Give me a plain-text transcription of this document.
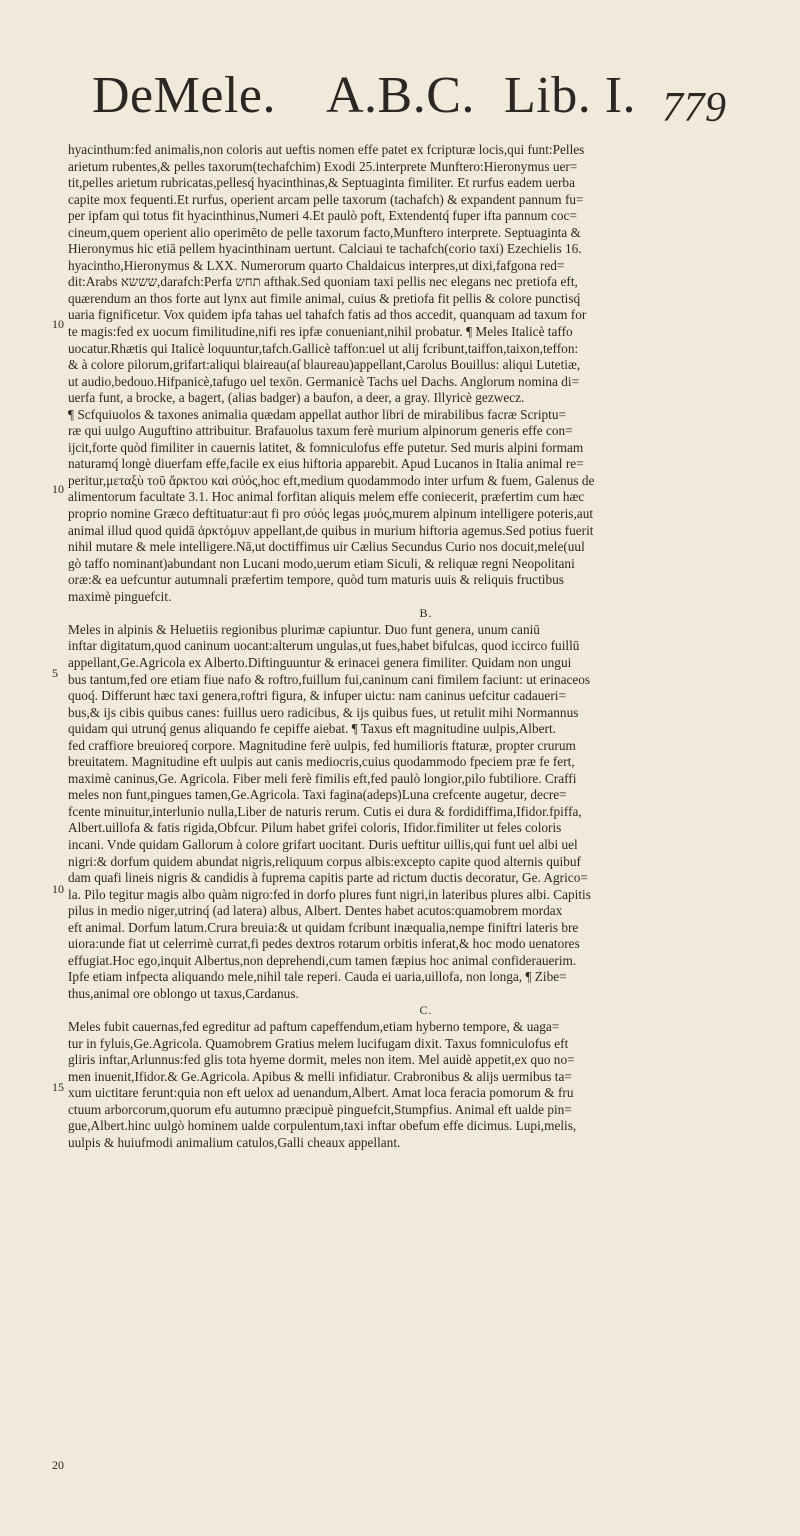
DeMele. A.B.C. Lib. I. 779
10
10
5
10
15
20
hyacinthum:fed animalis,non coloris aut ueftis nomen effe patet ex fcripturæ locis,qui funt:Pelles
arietum rubentes,& pelles taxorum(techafchim) Exodi 25.interprete Munftero:Hieronymus uer=
tit,pelles arietum rubricatas,pellesq́ hyacinthinas,& Septuaginta fimiliter. Et rurfus eadem uerba
capite mox fequenti.Et rurfus, operient arcam pelle taxorum (tachafch) & expandent pannum fu=
per ipfam qui totus fit hyacinthinus,Numeri 4.Et paulò poft, Extendentq́ fuper ifta pannum coc=
cineum,quem operient alio operimēto de pelle taxorum facto,Munftero interprete. Septuaginta &
Hieronymus hic etiā pellem hyacinthinam uertunt. Calciaui te tachafch(corio taxi) Ezechielis 16.
hyacintho,Hieronymus & LXX. Numerorum quarto Chaldaicus interpres,ut dixi,fafgona red=
dit:Arabs שששא,darafch:Perfa תחש afthak.Sed quoniam taxi pellis nec elegans nec pretiofa eft,
quærendum an thos forte aut lynx aut fimile animal, cuius & pretiofa fit pellis & colore punctisq́
uaria fignificetur. Vox quidem ipfa tahas uel tahafch fatis ad thos accedit, quanquam ad taxum for
te magis:fed ex uocum fimilitudine,nifi res ipfæ conueniant,nihil probatur. ¶ Meles Italicè taffo
uocatur.Rhætis qui Italicè loquuntur,tafch.Gallicè taffon:uel ut alij fcribunt,taiffon,taixon,teffon:
& à colore pilorum,grifart:aliqui blaireau(aſ blaureau)appellant,Carolus Bouillus: aliqui Lutetiæ,
ut audio,bedouo.Hifpanicè,tafugo uel texōn. Germanicè Tachs uel Dachs. Anglorum nomina di=
uerfa funt, a brocke, a bagert, (alias badger) a baufon, a deer, a gray. Illyricè gezwecz.
¶ Scfquiuolos & taxones animalia quædam appellat author libri de mirabilibus facræ Scriptu=
ræ qui uulgo Auguftino attribuitur. Brafauolus taxum ferè murium alpinorum generis effe con=
ijcit,forte quòd fimiliter in cauernis latitet, & fomniculofus effe putetur. Sed muris alpini formam
naturamq́ longè diuerfam effe,facile ex eius hiftoria apparebit. Apud Lucanos in Italia animal re=
peritur,μεταξὺ τοῦ ἄρκτου καὶ σύός,hoc eft,medium quodammodo inter urfum & fuem, Galenus de
alimentorum facultate 3.1. Hoc animal forfitan aliquis melem effe coniecerit, præfertim cum hæc
proprio nomine Græco deftituatur:aut fi pro σύός legas μυός,murem alpinum intelligere poteris,aut
animal illud quod quidā ἀρκτόμυν appellant,de quibus in murium hiftoria agemus.Sed potius fuerit
nihil mutare & mele intelligere.Nā,ut doctiffimus uir Cælius Secundus Curio nos docuit,mele(uul
gò taffo nominant)abundant non Lucani modo,uerum etiam Siculi, & reliquæ regni Neopolitani
oræ:& ea uefcuntur autumnali præfertim tempore, quòd tum maturis uuis & reliquis fructibus
maximè pinguefcit.
B.
Meles in alpinis & Heluetiis regionibus plurimæ capiuntur. Duo funt genera, unum caniū
inftar digitatum,quod caninum uocant:alterum ungulas,ut fues,habet bifulcas, quod iccirco fuillū
appellant,Ge.Agricola ex Alberto.Diftinguuntur & erinacei genera fimiliter. Quidam non ungui
bus tantum,fed ore etiam fiue nafo & roftro,fuillum fui,caninum cani fimilem faciunt: ut erinaceos
quoq́. Differunt hæc taxi genera,roftri figura, & infuper uictu: nam caninus uefcitur cadaueri=
bus,& ijs cibis quibus canes: fuillus uero radicibus, & ijs quibus fues, ut retulit mihi Normannus
quidam qui utrunq́ genus aliquando fe cepiffe aiebat. ¶ Taxus eft magnitudine uulpis,Albert.
fed craffiore breuioreq́ corpore. Magnitudine ferè uulpis, fed humilioris ftaturæ, propter crurum
breuitatem. Magnitudine eft uulpis aut canis mediocris,cuius quodammodo fpeciem præ fe fert,
maximè caninus,Ge. Agricola. Fiber meli ferè fimilis eft,fed paulò longior,pilo fubtiliore. Craffi
meles non funt,pingues tamen,Ge.Agricola. Taxi fagina(adeps)Luna crefcente augetur, decre=
fcente minuitur,interlunio nulla,Liber de naturis rerum. Cutis ei dura & fordidiffima,Ifidor.fpiffa,
Albert.uillofa & fatis rigida,Obfcur. Pilum habet grifei coloris, Ifidor.fimiliter ut feles coloris
incani. Vnde quidam Gallorum à colore grifart uocitant. Duris ueftitur uillis,qui funt uel albi uel
nigri:& dorfum quidem abundat nigris,reliquum corpus albis:excepto capite quod alternis quibuf
dam quafi lineis nigris & candidis à fuprema capitis parte ad rictum ductis decoratur, Ge. Agrico=
la. Pilo tegitur magis albo quàm nigro:fed in dorfo plures funt nigri,in lateribus plures albi. Capitis
pilus in medio niger,utrinq́ (ad latera) albus, Albert. Dentes habet acutos:quamobrem mordax
eft animal. Dorfum latum.Crura breuia:& ut quidam fcribunt inæqualia,nempe finiftri lateris bre
uiora:unde fiat ut celerrimè currat,fi pedes dextros rotarum orbitis inferat,& hoc modo uenatores
effugiat.Hoc ego,inquit Albertus,non deprehendi,cum tamen fæpius hoc animal confiderauerim.
Ipfe etiam infpecta aliquando mele,nihil tale reperi. Cauda ei uaria,uillofa, non longa, ¶ Zibe=
thus,animal ore oblongo ut taxus,Cardanus.
C.
Meles fubit cauernas,fed egreditur ad paftum capeffendum,etiam hyberno tempore, & uaga=
tur in fyluis,Ge.Agricola. Quamobrem Gratius melem lucifugam dixit. Taxus fomniculofus eft
gliris inftar,Arlunnus:fed glis tota hyeme dormit, meles non item. Mel auidè appetit,ex quo no=
men inuenit,Ifidor.& Ge.Agricola. Apibus & melli infidiatur. Crabronibus & alijs uermibus ta=
xum uictitare ferunt:quia non eft uelox ad uenandum,Albert. Amat loca feracia pomorum & fru
ctuum arborcorum,quorum efu autumno præcipuè pinguefcit,Stumpfius. Animal eft ualde pin=
gue,Albert.hinc uulgò hominem ualde corpulentum,taxi inftar obefum effe dicimus. Lupi,melis,
uulpis & huiufmodi animalium catulos,Galli cheaux appellant.
